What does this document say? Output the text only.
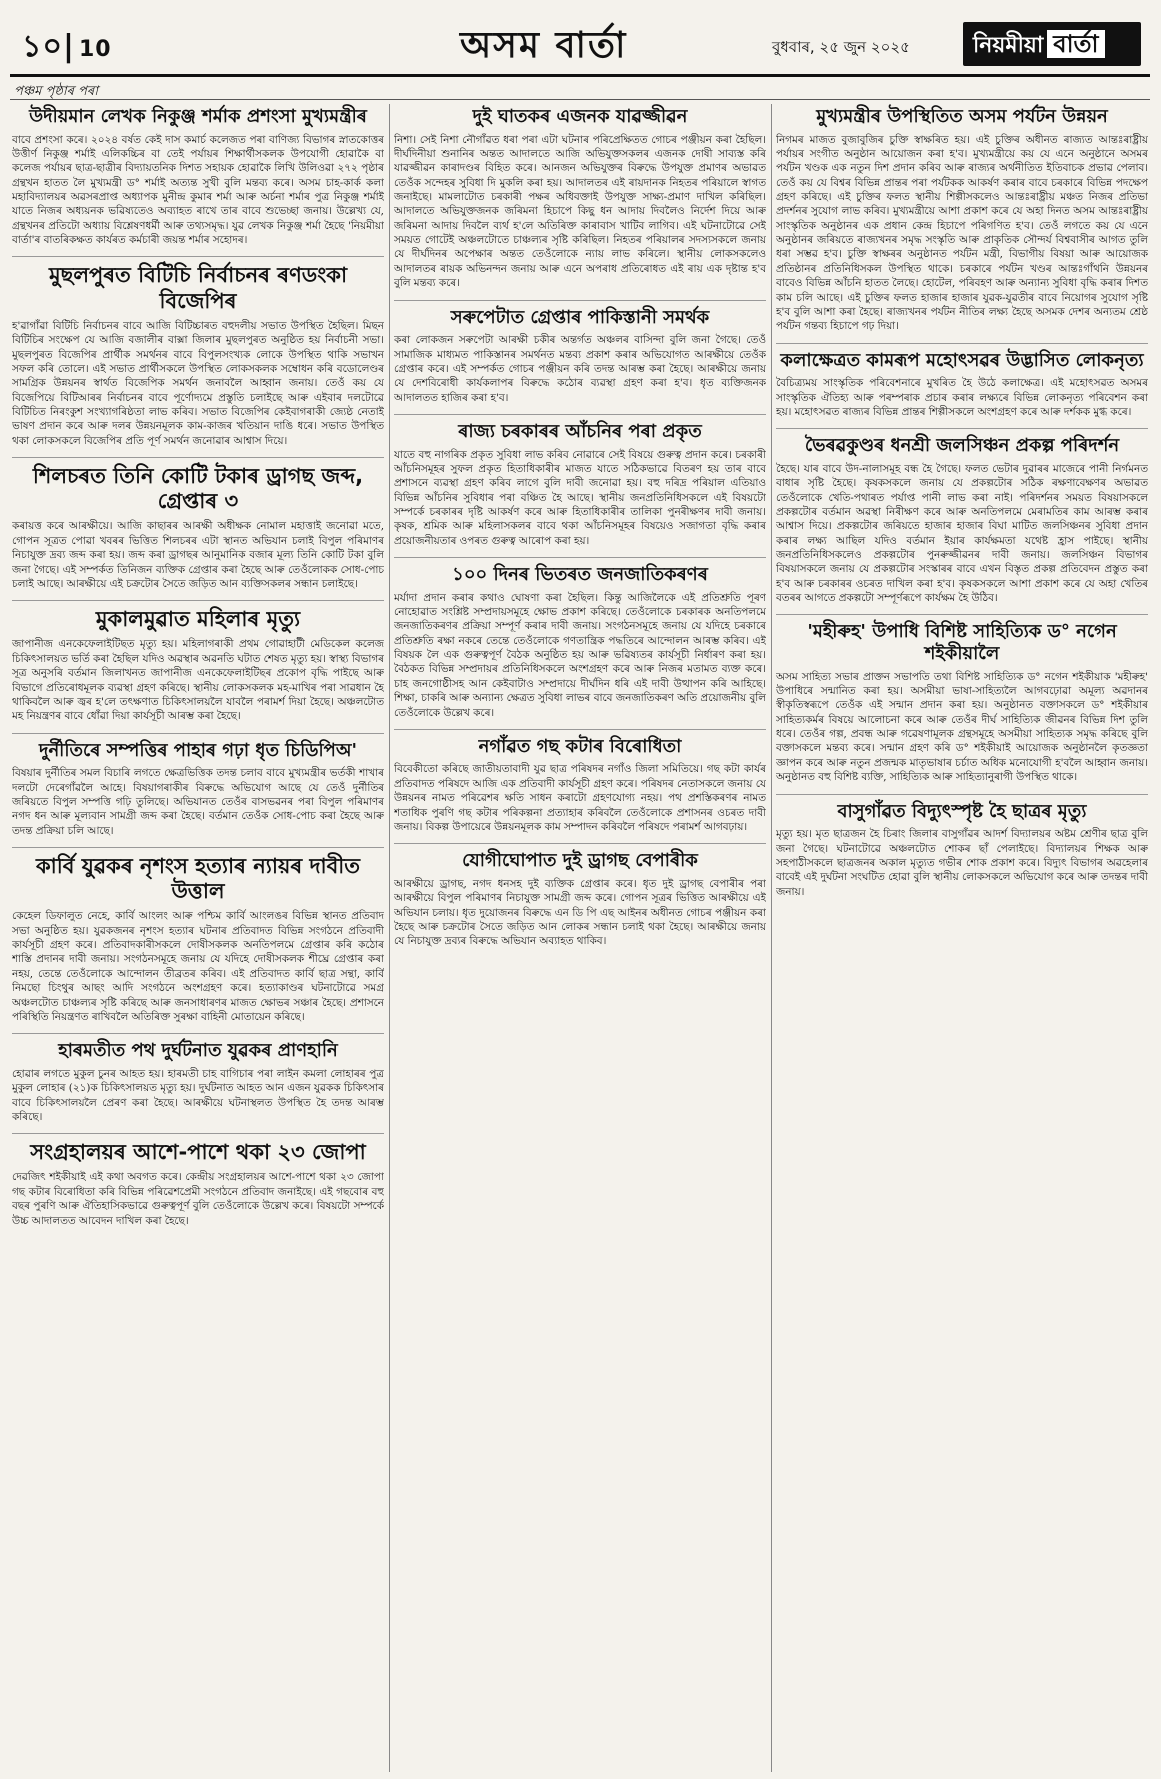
১০| 10	অসম বাৰ্তা	বুধবাৰ, ২৫ জুন ২০২৫	নিয়মীয়া বাৰ্তা
পঞ্চম পৃষ্ঠাৰ পৰা
উদীয়মান লেখক নিকুঞ্জ শৰ্মাক প্ৰশংসা মুখ্যমন্ত্ৰীৰ
বাবে প্ৰশংসা কৰে। ২০২৪ বৰ্ষত কেই দাস কমাৰ্চ কলেজত পৰা বাণিজ্য বিভাগৰ স্নাতকোত্তৰ উত্তীৰ্ণ নিকুঞ্জ শৰ্মাই এলিকচ্চিৰ বা তেই পৰ্যায়ৰ শিক্ষাৰ্থীসকলক উপযোগী হোৱাকৈ বা কলেজ পৰ্যায়ৰ ছাত্ৰ-ছাত্ৰীৰ বিদ্যায়তনিক দিশত সহায়ক হোৱাকৈ লিখি উলিওৱা ২৭২ পৃষ্ঠাৰ গ্ৰন্থখন হাতত লৈ মুখ্যমন্ত্ৰী ড° শৰ্মাই অত্যন্ত সুখী বুলি মন্তব্য কৰে। অসম চাহ-কাৰ্ক কলা মহাবিদ্যালয়ৰ অৱসৰপ্ৰাপ্ত অধ্যাপক মুনীন্দ্ৰ কুমাৰ শৰ্মা আৰু অৰ্চনা শৰ্মাৰ পুত্ৰ নিকুঞ্জ শৰ্মাই যাতে নিজৰ অধ্যয়নক ভৱিষ্যতেও অব্যাহত ৰাখে তাৰ বাবে শুভেচ্ছা জনায়। উল্লেখ্য যে, গ্ৰন্থখনৰ প্ৰতিটো অধ্যায় বিশ্লেষণধৰ্মী আৰু তথ্যসমৃদ্ধ। যুৱ লেখক নিকুঞ্জ শৰ্মা হৈছে 'নিয়মীয়া বাৰ্তা'ৰ বাতৰিকক্ষত কাৰ্যৰত কৰ্মচাৰী জয়ন্ত শৰ্মাৰ সহোদৰ।
মুছলপুৰত বিটিচি নিৰ্বাচনৰ ৰণডংকা বিজেপিৰ
হ'ৱাগাঁৱা বিটিচি নিৰ্বাচনৰ বাবে আজি বিটিচ্চাৰত বহুদলীয় সভাত উপস্থিত হৈছিল। মিছন বিটিচিৰ সংক্ষেপ যে আজি বজালীৰ বাক্সা জিলাৰ মুছলপুৰত অনুষ্ঠিত হয় নিৰ্বাচনী সভা। মুছলপুৰত বিজেপিৰ প্ৰাৰ্থীক সমৰ্থনৰ বাবে বিপুলসংখ্যক লোকে উপস্থিত থাকি সভাখন সফল কৰি তোলে। এই সভাত প্ৰাৰ্থীসকলে উপস্থিত লোকসকলক সম্বোধন কৰি বডোলেণ্ডৰ সামগ্ৰিক উন্নয়নৰ স্বাৰ্থত বিজেপিক সমৰ্থন জনাবলৈ আহ্বান জনায়। তেওঁ কয় যে বিজেপিয়ে বিটিআৰৰ নিৰ্বাচনৰ বাবে পূৰ্ণোদ্যমে প্ৰস্তুতি চলাইছে আৰু এইবাৰ দলটোৱে বিটিচিত নিৰংকুশ সংখ্যাগৰিষ্ঠতা লাভ কৰিব। সভাত বিজেপিৰ কেইবাগৰাকী জ্যেষ্ঠ নেতাই ভাষণ প্ৰদান কৰে আৰু দলৰ উন্নয়নমূলক কাম-কাজৰ খতিয়ান দাঙি ধৰে। সভাত উপস্থিত থকা লোকসকলে বিজেপিৰ প্ৰতি পূৰ্ণ সমৰ্থন জনোৱাৰ আশ্বাস দিয়ে।
শিলচৰত তিনি কোটি টকাৰ ড্ৰাগছ জব্দ, গ্ৰেপ্তাৰ ৩
কৰায়ত্ত কৰে আৰক্ষীয়ে। আজি কাছাৰৰ আৰক্ষী অধীক্ষক নোমাল মহাত্তাই জনোৱা মতে, গোপন সূত্ৰত পোৱা খবৰৰ ভিত্তিত শিলচৰৰ এটা স্থানত অভিযান চলাই বিপুল পৰিমাণৰ নিচাযুক্ত দ্ৰব্য জব্দ কৰা হয়। জব্দ কৰা ড্ৰাগছৰ আনুমানিক বজাৰ মূল্য তিনি কোটি টকা বুলি জনা গৈছে। এই সম্পৰ্কত তিনিজন ব্যক্তিক গ্ৰেপ্তাৰ কৰা হৈছে আৰু তেওঁলোকক সোধ-পোচ চলাই আছে। আৰক্ষীয়ে এই চক্ৰটোৰ সৈতে জড়িত আন ব্যক্তিসকলৰ সন্ধান চলাইছে।
মুকালমুৱাত মহিলাৰ মৃত্যু
জাপানীজ এনকেফেলাইটিছত মৃত্যু হয়। মহিলাগৰাকী প্ৰথম গোৱাহাটী মেডিকেল কলেজ চিকিৎসালয়ত ভৰ্তি কৰা হৈছিল যদিও অৱস্থাৰ অৱনতি ঘটাত শেষত মৃত্যু হয়। স্বাস্থ্য বিভাগৰ সূত্ৰ অনুসৰি বৰ্তমান জিলাখনত জাপানীজ এনকেফেলাইটিছৰ প্ৰকোপ বৃদ্ধি পাইছে আৰু বিভাগে প্ৰতিৰোধমূলক ব্যৱস্থা গ্ৰহণ কৰিছে। স্থানীয় লোকসকলক মহ-মাখিৰ পৰা সাৱধান হৈ থাকিবলৈ আৰু জ্বৰ হ'লে তৎক্ষণাত চিকিৎসালয়লৈ যাবলৈ পৰামৰ্শ দিয়া হৈছে। অঞ্চলটোত মহ নিয়ন্ত্ৰণৰ বাবে ধোঁৱা দিয়া কাৰ্যসূচী আৰম্ভ কৰা হৈছে।
দুৰ্নীতিৰে সম্পত্তিৰ পাহাৰ গঢ়া ধৃত চিডিপিঅ'
বিষয়াৰ দুৰ্নীতিৰ সমল বিচাৰি লগতে ক্ষেত্ৰভিত্তিক তদন্ত চলাব বাবে মুখ্যমন্ত্ৰীৰ ভৰ্তকী শাখাৰ দলটো দেৰেগাঁৱলৈ আহে। বিষয়াগৰাকীৰ বিৰুদ্ধে অভিযোগ আছে যে তেওঁ দুৰ্নীতিৰ জৰিয়তে বিপুল সম্পত্তি গঢ়ি তুলিছে। অভিযানত তেওঁৰ বাসভৱনৰ পৰা বিপুল পৰিমাণৰ নগদ ধন আৰু মূল্যবান সামগ্ৰী জব্দ কৰা হৈছে। বৰ্তমান তেওঁক সোধ-পোচ কৰা হৈছে আৰু তদন্ত প্ৰক্ৰিয়া চলি আছে।
কাৰ্বি যুৱকৰ নৃশংস হত্যাৰ ন্যায়ৰ দাবীত উত্তাল
কেহেল ডিফালুত নেহে, কাৰ্বি আংলং আৰু পশ্চিম কাৰ্বি আংলঙৰ বিভিন্ন স্থানত প্ৰতিবাদ সভা অনুষ্ঠিত হয়। যুৱকজনৰ নৃশংস হত্যাৰ ঘটনাৰ প্ৰতিবাদত বিভিন্ন সংগঠনে প্ৰতিবাদী কাৰ্যসূচী গ্ৰহণ কৰে। প্ৰতিবাদকাৰীসকলে দোষীসকলক অনতিপলমে গ্ৰেপ্তাৰ কৰি কঠোৰ শাস্তি প্ৰদানৰ দাবী জনায়। সংগঠনসমূহে জনায় যে যদিহে দোষীসকলক শীঘ্ৰে গ্ৰেপ্তাৰ কৰা নহয়, তেন্তে তেওঁলোকে আন্দোলন তীব্ৰতৰ কৰিব। এই প্ৰতিবাদত কাৰ্বি ছাত্ৰ সন্থা, কাৰ্বি নিমছো চিংথুৰ আছং আদি সংগঠনে অংশগ্ৰহণ কৰে। হত্যাকাণ্ডৰ ঘটনাটোৱে সমগ্ৰ অঞ্চলটোত চাঞ্চল্যৰ সৃষ্টি কৰিছে আৰু জনসাধাৰণৰ মাজত ক্ষোভৰ সঞ্চাৰ হৈছে। প্ৰশাসনে পৰিস্থিতি নিয়ন্ত্ৰণত ৰাখিবলৈ অতিৰিক্ত সুৰক্ষা বাহিনী মোতায়েন কৰিছে।
হাৰমতীত পথ দুৰ্ঘটনাত যুৱকৰ প্ৰাণহানি
হোৱাৰ লগতে মুকুল চুনৰ আহত হয়। হাৰমতী চাহ বাগিচাৰ পৰা লাইন কমলা লোহাৰৰ পুত্ৰ মুকুল লোহাৰ (২১)ক চিকিৎসালয়ত মৃত্যু হয়। দুৰ্ঘটনাত আহত আন এজন যুৱকক চিকিৎসাৰ বাবে চিকিৎসালয়লৈ প্ৰেৰণ কৰা হৈছে। আৰক্ষীয়ে ঘটনাস্থলত উপস্থিত হৈ তদন্ত আৰম্ভ কৰিছে।
সংগ্ৰহালয়ৰ আশে-পাশে থকা ২৩ জোপা
দেৱজিৎ শইকীয়াই এই কথা অবগত কৰে। কেন্দ্ৰীয় সংগ্ৰহালয়ৰ আশে-পাশে থকা ২৩ জোপা গছ কটাৰ বিৰোধিতা কৰি বিভিন্ন পৰিৱেশপ্ৰেমী সংগঠনে প্ৰতিবাদ জনাইছে। এই গছবোৰ বহু বছৰ পুৰণি আৰু ঐতিহাসিকভাৱে গুৰুত্বপূৰ্ণ বুলি তেওঁলোকে উল্লেখ কৰে। বিষয়টো সম্পৰ্কে উচ্চ আদালতত আবেদন দাখিল কৰা হৈছে।
দুই ঘাতকৰ এজনক যাৱজ্জীৱন
নিশা। সেই নিশা নৌগাঁৱত ধৰা পৰা এটা ঘটনাৰ পৰিপ্ৰেক্ষিতত গোচৰ পঞ্জীয়ন কৰা হৈছিল। দীৰ্ঘদিনীয়া শুনানিৰ অন্তত আদালতে আজি অভিযুক্তসকলৰ এজনক দোষী সাব্যস্ত কৰি যাৱজ্জীৱন কাৰাদণ্ডৰ বিহিত কৰে। আনজন অভিযুক্তৰ বিৰুদ্ধে উপযুক্ত প্ৰমাণৰ অভাৱত তেওঁক সন্দেহৰ সুবিধা দি মুকলি কৰা হয়। আদালতৰ এই ৰায়দানক নিহতৰ পৰিয়ালে স্বাগত জনাইছে। মামলাটোত চৰকাৰী পক্ষৰ অধিবক্তাই উপযুক্ত সাক্ষ্য-প্ৰমাণ দাখিল কৰিছিল। আদালতে অভিযুক্তজনক জৰিমনা হিচাপে কিছু ধন আদায় দিবলৈও নিৰ্দেশ দিয়ে আৰু জৰিমনা আদায় দিবলৈ ব্যৰ্থ হ'লে অতিৰিক্ত কাৰাবাস খাটিব লাগিব। এই ঘটনাটোৱে সেই সময়ত গোটেই অঞ্চলটোতে চাঞ্চল্যৰ সৃষ্টি কৰিছিল। নিহতৰ পৰিয়ালৰ সদস্যসকলে জনায় যে দীৰ্ঘদিনৰ অপেক্ষাৰ অন্তত তেওঁলোকে ন্যায় লাভ কৰিলে। স্থানীয় লোকসকলেও আদালতৰ ৰায়ক অভিনন্দন জনায় আৰু এনে অপৰাধ প্ৰতিৰোধত এই ৰায় এক দৃষ্টান্ত হ'ব বুলি মন্তব্য কৰে।
সৰুপেটাত গ্ৰেপ্তাৰ পাকিস্তানী সমৰ্থক
কৰা লোকজন সৰুপেটা আৰক্ষী চকীৰ অন্তৰ্গত অঞ্চলৰ বাসিন্দা বুলি জনা গৈছে। তেওঁ সামাজিক মাধ্যমত পাকিস্তানৰ সমৰ্থনত মন্তব্য প্ৰকাশ কৰাৰ অভিযোগত আৰক্ষীয়ে তেওঁক গ্ৰেপ্তাৰ কৰে। এই সম্পৰ্কত গোচৰ পঞ্জীয়ন কৰি তদন্ত আৰম্ভ কৰা হৈছে। আৰক্ষীয়ে জনায় যে দেশবিৰোধী কাৰ্যকলাপৰ বিৰুদ্ধে কঠোৰ ব্যৱস্থা গ্ৰহণ কৰা হ'ব। ধৃত ব্যক্তিজনক আদালতত হাজিৰ কৰা হ'ব।
ৰাজ্য চৰকাৰৰ আঁচনিৰ পৰা প্ৰকৃত
যাতে বহু নাগৰিক প্ৰকৃত সুবিধা লাভ কৰিব নোৱাৰে সেই বিষয়ে গুৰুত্ব প্ৰদান কৰে। চৰকাৰী আঁচনিসমূহৰ সুফল প্ৰকৃত হিতাধিকাৰীৰ মাজত যাতে সঠিকভাৱে বিতৰণ হয় তাৰ বাবে প্ৰশাসনে ব্যৱস্থা গ্ৰহণ কৰিব লাগে বুলি দাবী জনোৱা হয়। বহু দৰিদ্ৰ পৰিয়াল এতিয়াও বিভিন্ন আঁচনিৰ সুবিধাৰ পৰা বঞ্চিত হৈ আছে। স্থানীয় জনপ্ৰতিনিধিসকলে এই বিষয়টো সম্পৰ্কে চৰকাৰৰ দৃষ্টি আকৰ্ষণ কৰে আৰু হিতাধিকাৰীৰ তালিকা পুনৰীক্ষণৰ দাবী জনায়। কৃষক, শ্ৰমিক আৰু মহিলাসকলৰ বাবে থকা আঁচনিসমূহৰ বিষয়েও সজাগতা বৃদ্ধি কৰাৰ প্ৰয়োজনীয়তাৰ ওপৰত গুৰুত্ব আৰোপ কৰা হয়।
১০০ দিনৰ ভিতৰত জনজাতিকৰণৰ
মৰ্যাদা প্ৰদান কৰাৰ কথাও ঘোষণা কৰা হৈছিল। কিন্তু আজিলৈকে এই প্ৰতিশ্ৰুতি পূৰণ নোহোৱাত সংশ্লিষ্ট সম্প্ৰদায়সমূহে ক্ষোভ প্ৰকাশ কৰিছে। তেওঁলোকে চৰকাৰক অনতিপলমে জনজাতিকৰণৰ প্ৰক্ৰিয়া সম্পূৰ্ণ কৰাৰ দাবী জনায়। সংগঠনসমূহে জনায় যে যদিহে চৰকাৰে প্ৰতিশ্ৰুতি ৰক্ষা নকৰে তেন্তে তেওঁলোকে গণতান্ত্ৰিক পদ্ধতিৰে আন্দোলন আৰম্ভ কৰিব। এই বিষয়ক লৈ এক গুৰুত্বপূৰ্ণ বৈঠক অনুষ্ঠিত হয় আৰু ভৱিষ্যতৰ কাৰ্যসূচী নিৰ্ধাৰণ কৰা হয়। বৈঠকত বিভিন্ন সম্প্ৰদায়ৰ প্ৰতিনিধিসকলে অংশগ্ৰহণ কৰে আৰু নিজৰ মতামত ব্যক্ত কৰে। চাহ জনগোষ্ঠীসহ আন কেইবাটাও সম্প্ৰদায়ে দীৰ্ঘদিন ধৰি এই দাবী উত্থাপন কৰি আহিছে। শিক্ষা, চাকৰি আৰু অন্যান্য ক্ষেত্ৰত সুবিধা লাভৰ বাবে জনজাতিকৰণ অতি প্ৰয়োজনীয় বুলি তেওঁলোকে উল্লেখ কৰে।
নগাঁৱত গছ কটাৰ বিৰোধিতা
বিবেকীতো কৰিছে জাতীয়তাবাদী যুৱ ছাত্ৰ পৰিষদৰ নগাঁও জিলা সমিতিয়ে। গছ কটা কাৰ্যৰ প্ৰতিবাদত পৰিষদে আজি এক প্ৰতিবাদী কাৰ্যসূচী গ্ৰহণ কৰে। পৰিষদৰ নেতাসকলে জনায় যে উন্নয়নৰ নামত পৰিৱেশৰ ক্ষতি সাধন কৰাটো গ্ৰহণযোগ্য নহয়। পথ প্ৰশস্তিকৰণৰ নামত শতাধিক পুৰণি গছ কটাৰ পৰিকল্পনা প্ৰত্যাহাৰ কৰিবলৈ তেওঁলোকে প্ৰশাসনৰ ওচৰত দাবী জনায়। বিকল্প উপায়েৰে উন্নয়নমূলক কাম সম্পাদন কৰিবলৈ পৰিষদে পৰামৰ্শ আগবঢ়ায়।
যোগীঘোপাত দুই ড্ৰাগছ বেপাৰীক
আৰক্ষীয়ে ড্ৰাগছ, নগদ ধনসহ দুই ব্যক্তিক গ্ৰেপ্তাৰ কৰে। ধৃত দুই ড্ৰাগছ বেপাৰীৰ পৰা আৰক্ষীয়ে বিপুল পৰিমাণৰ নিচাযুক্ত সামগ্ৰী জব্দ কৰে। গোপন সূত্ৰৰ ভিত্তিত আৰক্ষীয়ে এই অভিযান চলায়। ধৃত দুয়োজনৰ বিৰুদ্ধে এন ডি পি এছ আইনৰ অধীনত গোচৰ পঞ্জীয়ন কৰা হৈছে আৰু চক্ৰটোৰ সৈতে জড়িত আন লোকৰ সন্ধান চলাই থকা হৈছে। আৰক্ষীয়ে জনায় যে নিচাযুক্ত দ্ৰব্যৰ বিৰুদ্ধে অভিযান অব্যাহত থাকিব।
মুখ্যমন্ত্ৰীৰ উপস্থিতিত অসম পৰ্যটন উন্নয়ন
নিগমৰ মাজত বুজাবুজিৰ চুক্তি স্বাক্ষৰিত হয়। এই চুক্তিৰ অধীনত ৰাজ্যত আন্তঃৰাষ্ট্ৰীয় পৰ্যায়ৰ সংগীত অনুষ্ঠান আয়োজন কৰা হ'ব। মুখ্যমন্ত্ৰীয়ে কয় যে এনে অনুষ্ঠানে অসমৰ পৰ্যটন খণ্ডক এক নতুন দিশ প্ৰদান কৰিব আৰু ৰাজ্যৰ অৰ্থনীতিত ইতিবাচক প্ৰভাৱ পেলাব। তেওঁ কয় যে বিশ্বৰ বিভিন্ন প্ৰান্তৰ পৰা পৰ্যটকক আকৰ্ষণ কৰাৰ বাবে চৰকাৰে বিভিন্ন পদক্ষেপ গ্ৰহণ কৰিছে। এই চুক্তিৰ ফলত স্থানীয় শিল্পীসকলেও আন্তঃৰাষ্ট্ৰীয় মঞ্চত নিজৰ প্ৰতিভা প্ৰদৰ্শনৰ সুযোগ লাভ কৰিব। মুখ্যমন্ত্ৰীয়ে আশা প্ৰকাশ কৰে যে অহা দিনত অসম আন্তঃৰাষ্ট্ৰীয় সাংস্কৃতিক অনুষ্ঠানৰ এক প্ৰধান কেন্দ্ৰ হিচাপে পৰিগণিত হ'ব। তেওঁ লগতে কয় যে এনে অনুষ্ঠানৰ জৰিয়তে ৰাজ্যখনৰ সমৃদ্ধ সংস্কৃতি আৰু প্ৰাকৃতিক সৌন্দৰ্য বিশ্ববাসীৰ আগত তুলি ধৰা সম্ভৱ হ'ব। চুক্তি স্বাক্ষৰৰ অনুষ্ঠানত পৰ্যটন মন্ত্ৰী, বিভাগীয় বিষয়া আৰু আয়োজক প্ৰতিষ্ঠানৰ প্ৰতিনিধিসকল উপস্থিত থাকে। চৰকাৰে পৰ্যটন খণ্ডৰ আন্তঃগাঁথনি উন্নয়নৰ বাবেও বিভিন্ন আঁচনি হাতত লৈছে। হোটেল, পৰিবহণ আৰু অন্যান্য সুবিধা বৃদ্ধি কৰাৰ দিশত কাম চলি আছে। এই চুক্তিৰ ফলত হাজাৰ হাজাৰ যুৱক-যুৱতীৰ বাবে নিয়োগৰ সুযোগ সৃষ্টি হ'ব বুলি আশা কৰা হৈছে। ৰাজ্যখনৰ পৰ্যটন নীতিৰ লক্ষ্য হৈছে অসমক দেশৰ অন্যতম শ্ৰেষ্ঠ পৰ্যটন গন্তব্য হিচাপে গঢ় দিয়া।
কলাক্ষেত্ৰত কামৰূপ মহোৎসৱৰ উদ্ভাসিত লোকনৃত্য
বৈচিত্ৰ্যময় সাংস্কৃতিক পৰিবেশনাৰে মুখৰিত হৈ উঠে কলাক্ষেত্ৰ। এই মহোৎসৱত অসমৰ সাংস্কৃতিক ঐতিহ্য আৰু পৰম্পৰাক প্ৰচাৰ কৰাৰ লক্ষ্যৰে বিভিন্ন লোকনৃত্য পৰিবেশন কৰা হয়। মহোৎসৱত ৰাজ্যৰ বিভিন্ন প্ৰান্তৰ শিল্পীসকলে অংশগ্ৰহণ কৰে আৰু দৰ্শকক মুগ্ধ কৰে।
ভৈৰৱকুণ্ডৰ ধনশ্ৰী জলসিঞ্চন প্ৰকল্প পৰিদৰ্শন
হৈছে। যাৰ বাবে উদ-নালাসমূহ বন্ধ হৈ গৈছে। ফলত ভেটাৰ দুৱাৰৰ মাজেৰে পানী নিৰ্গমনত বাধাৰ সৃষ্টি হৈছে। কৃষকসকলে জনায় যে প্ৰকল্পটোৰ সঠিক ৰক্ষণাবেক্ষণৰ অভাৱত তেওঁলোকে খেতি-পথাৰত পৰ্যাপ্ত পানী লাভ কৰা নাই। পৰিদৰ্শনৰ সময়ত বিষয়াসকলে প্ৰকল্পটোৰ বৰ্তমান অৱস্থা নিৰীক্ষণ কৰে আৰু অনতিপলমে মেৰামতিৰ কাম আৰম্ভ কৰাৰ আশ্বাস দিয়ে। প্ৰকল্পটোৰ জৰিয়তে হাজাৰ হাজাৰ বিঘা মাটিত জলসিঞ্চনৰ সুবিধা প্ৰদান কৰাৰ লক্ষ্য আছিল যদিও বৰ্তমান ইয়াৰ কাৰ্যক্ষমতা যথেষ্ট হ্ৰাস পাইছে। স্থানীয় জনপ্ৰতিনিধিসকলেও প্ৰকল্পটোৰ পুনৰুজ্জীৱনৰ দাবী জনায়। জলসিঞ্চন বিভাগৰ বিষয়াসকলে জনায় যে প্ৰকল্পটোৰ সংস্কাৰৰ বাবে এখন বিস্তৃত প্ৰকল্প প্ৰতিবেদন প্ৰস্তুত কৰা হ'ব আৰু চৰকাৰৰ ওচৰত দাখিল কৰা হ'ব। কৃষকসকলে আশা প্ৰকাশ কৰে যে অহা খেতিৰ বতৰৰ আগতে প্ৰকল্পটো সম্পূৰ্ণৰূপে কাৰ্যক্ষম হৈ উঠিব।
'মহীৰুহ' উপাধি বিশিষ্ট সাহিত্যিক ড° নগেন শইকীয়ালৈ
অসম সাহিত্য সভাৰ প্ৰাক্তন সভাপতি তথা বিশিষ্ট সাহিত্যিক ড° নগেন শইকীয়াক 'মহীৰুহ' উপাধিৰে সন্মানিত কৰা হয়। অসমীয়া ভাষা-সাহিত্যলৈ আগবঢ়োৱা অমূল্য অৱদানৰ স্বীকৃতিস্বৰূপে তেওঁক এই সন্মান প্ৰদান কৰা হয়। অনুষ্ঠানত বক্তাসকলে ড° শইকীয়াৰ সাহিত্যকৰ্মৰ বিষয়ে আলোচনা কৰে আৰু তেওঁৰ দীৰ্ঘ সাহিত্যিক জীৱনৰ বিভিন্ন দিশ তুলি ধৰে। তেওঁৰ গল্প, প্ৰবন্ধ আৰু গৱেষণামূলক গ্ৰন্থসমূহে অসমীয়া সাহিত্যক সমৃদ্ধ কৰিছে বুলি বক্তাসকলে মন্তব্য কৰে। সন্মান গ্ৰহণ কৰি ড° শইকীয়াই আয়োজক অনুষ্ঠানলৈ কৃতজ্ঞতা জ্ঞাপন কৰে আৰু নতুন প্ৰজন্মক মাতৃভাষাৰ চৰ্চাত অধিক মনোযোগী হ'বলৈ আহ্বান জনায়। অনুষ্ঠানত বহু বিশিষ্ট ব্যক্তি, সাহিত্যিক আৰু সাহিত্যানুৰাগী উপস্থিত থাকে।
বাসুগাঁৱত বিদ্যুৎস্পৃষ্ট হৈ ছাত্ৰৰ মৃত্যু
মৃত্যু হয়। মৃত ছাত্ৰজন হৈ চিৰাং জিলাৰ বাসুগাঁৱৰ আদৰ্শ বিদ্যালয়ৰ অষ্টম শ্ৰেণীৰ ছাত্ৰ বুলি জনা গৈছে। ঘটনাটোৱে অঞ্চলটোত শোকৰ ছাঁ পেলাইছে। বিদ্যালয়ৰ শিক্ষক আৰু সহপাঠীসকলে ছাত্ৰজনৰ অকাল মৃত্যুত গভীৰ শোক প্ৰকাশ কৰে। বিদ্যুৎ বিভাগৰ অৱহেলাৰ বাবেই এই দুৰ্ঘটনা সংঘটিত হোৱা বুলি স্থানীয় লোকসকলে অভিযোগ কৰে আৰু তদন্তৰ দাবী জনায়।
